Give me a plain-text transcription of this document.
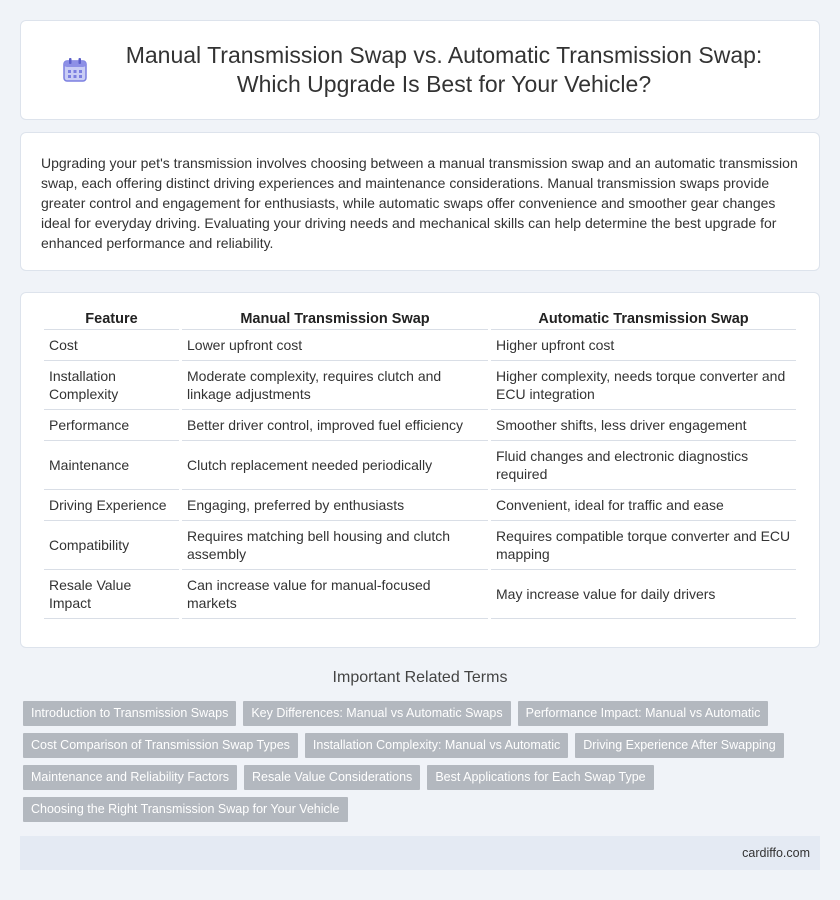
Manual Transmission Swap vs. Automatic Transmission Swap: Which Upgrade Is Best for Your Vehicle?

Upgrading your pet's transmission involves choosing between a manual transmission swap and an automatic transmission swap, each offering distinct driving experiences and maintenance considerations. Manual transmission swaps provide greater control and engagement for enthusiasts, while automatic swaps offer convenience and smoother gear changes ideal for everyday driving. Evaluating your driving needs and mechanical skills can help determine the best upgrade for enhanced performance and reliability.

Feature	Manual Transmission Swap	Automatic Transmission Swap
Cost	Lower upfront cost	Higher upfront cost
Installation Complexity	Moderate complexity, requires clutch and linkage adjustments	Higher complexity, needs torque converter and ECU integration
Performance	Better driver control, improved fuel efficiency	Smoother shifts, less driver engagement
Maintenance	Clutch replacement needed periodically	Fluid changes and electronic diagnostics required
Driving Experience	Engaging, preferred by enthusiasts	Convenient, ideal for traffic and ease
Compatibility	Requires matching bell housing and clutch assembly	Requires compatible torque converter and ECU mapping
Resale Value Impact	Can increase value for manual-focused markets	May increase value for daily drivers
Important Related Terms
Introduction to Transmission Swaps	Key Differences: Manual vs Automatic Swaps	Performance Impact: Manual vs Automatic
Cost Comparison of Transmission Swap Types	Installation Complexity: Manual vs Automatic	Driving Experience After Swapping
Maintenance and Reliability Factors	Resale Value Considerations	Best Applications for Each Swap Type
Choosing the Right Transmission Swap for Your Vehicle
cardiffo.com
